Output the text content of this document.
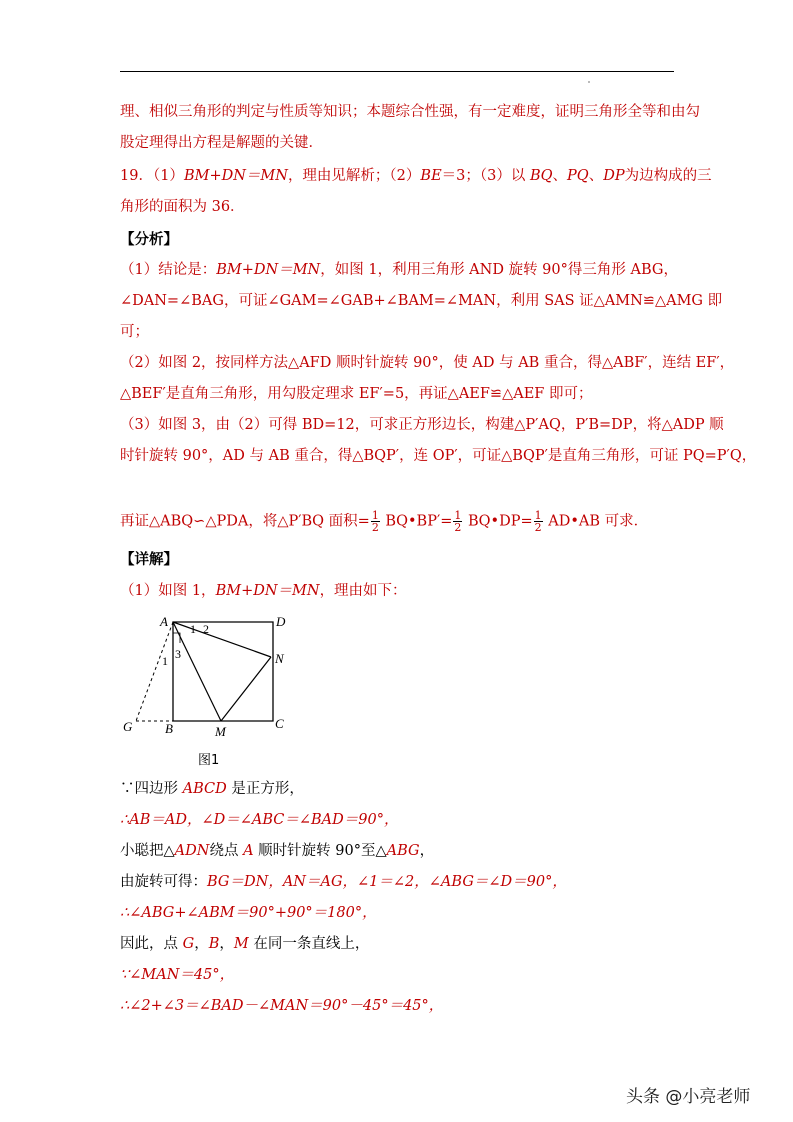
理、相似三角形的判定与性质等知识；本题综合性强，有一定难度，证明三角形全等和由勾
股定理得出方程是解题的关键．
19．（1）BM+DN＝MN，理由见解析；（2）BE＝3；（3）以 BQ、PQ、DP为边构成的三
角形的面积为 36．
【分析】
（1）结论是：BM+DN＝MN，如图 1，利用三角形 AND 旋转 90°得三角形 ABG，
∠DAN=∠BAG，可证∠GAM=∠GAB+∠BAM=∠MAN，利用 SAS 证△AMN≌△AMG 即
可；
（2）如图 2，按同样方法△AFD 顺时针旋转 90°，使 AD 与 AB 重合，得△ABF′，连结 EF′，
△BEF′是直角三角形，用勾股定理求 EF′=5，再证△AEF≌△AEF 即可；
（3）如图 3，由（2）可得 BD=12，可求正方形边长，构建△P′AQ，P′B=DP，将△ADP 顺
时针旋转 90°，AD 与 AB 重合，得△BQP′，连 OP′，可证△BQP′是直角三角形，可证 PQ=P′Q，
再证△ABQ∽△PDA，将△P′BQ 面积= $\frac{1}{2}$ BQ•BP′= $\frac{1}{2}$ BQ•DP= $\frac{1}{2}$ AD•AB 可求．
【详解】
（1）如图 1，BM+DN＝MN，理由如下：
A	D
N
C
B	M
G
1 2
3
1
图1
∵四边形 ABCD 是正方形，
∴AB＝AD，∠D＝∠ABC＝∠BAD＝90°，
小聪把△ADN绕点 A 顺时针旋转 90°至△ABG，
由旋转可得：BG＝DN，AN＝AG，∠1＝∠2，∠ABG＝∠D＝90°，
∴∠ABG+∠ABM＝90°+90°＝180°，
因此，点 G，B，M 在同一条直线上，
∵∠MAN＝45°，
∴∠2+∠3＝∠BAD－∠MAN＝90°－45°＝45°，
头条 @小亮老师
